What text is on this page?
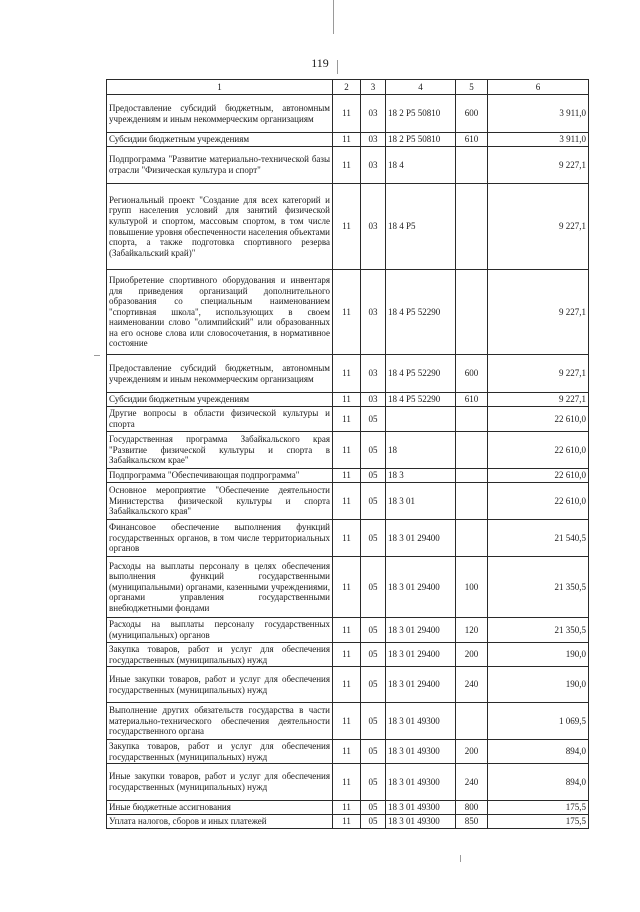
119
1	2	3	4	5	6
Предоставление субсидий бюджетным, автономным учреждениям и иным некоммерческим организациям	11	03	18 2 Р5 50810	600	3 911,0
Субсидии бюджетным учреждениям	11	03	18 2 Р5 50810	610	3 911,0
Подпрограмма "Развитие материально-технической базы отрасли "Физическая культура и спорт"	11	03	18 4		9 227,1
Региональный проект "Создание для всех категорий и групп населения условий для занятий физической культурой и спортом, массовым спортом, в том числе повышение уровня обеспеченности населения объектами спорта, а также подготовка спортивного резерва (Забайкальский край)"	11	03	18 4 Р5		9 227,1
Приобретение спортивного оборудования и инвентаря для приведения организаций дополнительного образования со специальным наименованием "спортивная школа", использующих в своем наименовании слово "олимпийский" или образованных на его основе слова или словосочетания, в нормативное состояние	11	03	18 4 Р5 52290		9 227,1
Предоставление субсидий бюджетным, автономным учреждениям и иным некоммерческим организациям	11	03	18 4 Р5 52290	600	9 227,1
Субсидии бюджетным учреждениям	11	03	18 4 Р5 52290	610	9 227,1
Другие вопросы в области физической культуры и спорта	11	05			22 610,0
Государственная программа Забайкальского края "Развитие физической культуры и спорта в Забайкальском крае"	11	05	18		22 610,0
Подпрограмма "Обеспечивающая подпрограмма"	11	05	18 3		22 610,0
Основное мероприятие "Обеспечение деятельности Министерства физической культуры и спорта Забайкальского края"	11	05	18 3 01		22 610,0
Финансовое обеспечение выполнения функций государственных органов, в том числе территориальных органов	11	05	18 3 01 29400		21 540,5
Расходы на выплаты персоналу в целях обеспечения выполнения функций государственными (муниципальными) органами, казенными учреждениями, органами управления государственными внебюджетными фондами	11	05	18 3 01 29400	100	21 350,5
Расходы на выплаты персоналу государственных (муниципальных) органов	11	05	18 3 01 29400	120	21 350,5
Закупка товаров, работ и услуг для обеспечения государственных (муниципальных) нужд	11	05	18 3 01 29400	200	190,0
Иные закупки товаров, работ и услуг для обеспечения государственных (муниципальных) нужд	11	05	18 3 01 29400	240	190,0
Выполнение других обязательств государства в части материально-технического обеспечения деятельности государственного органа	11	05	18 3 01 49300		1 069,5
Закупка товаров, работ и услуг для обеспечения государственных (муниципальных) нужд	11	05	18 3 01 49300	200	894,0
Иные закупки товаров, работ и услуг для обеспечения государственных (муниципальных) нужд	11	05	18 3 01 49300	240	894,0
Иные бюджетные ассигнования	11	05	18 3 01 49300	800	175,5
Уплата налогов, сборов и иных платежей	11	05	18 3 01 49300	850	175,5
